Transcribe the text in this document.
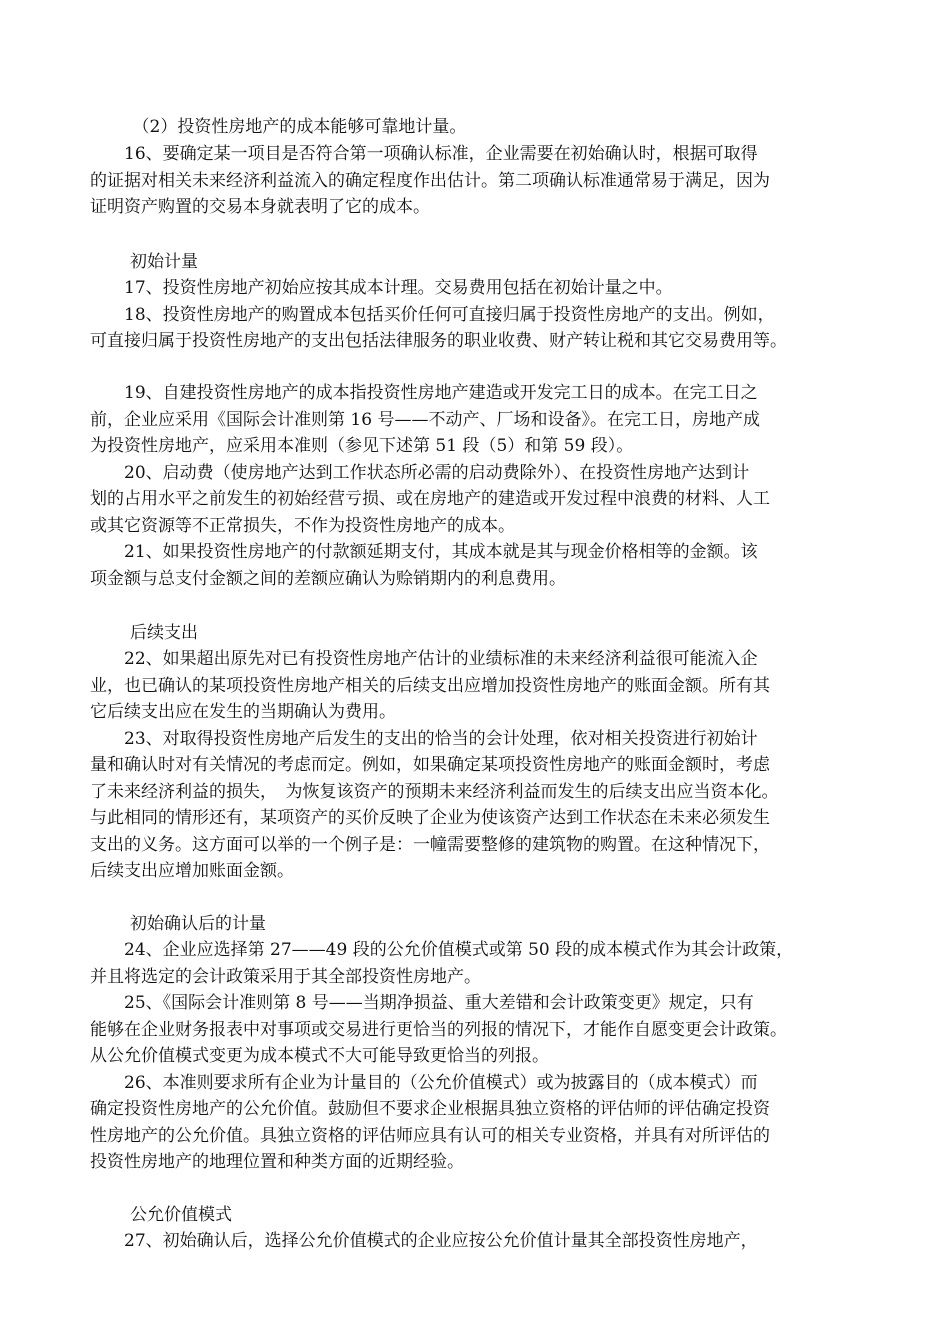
　　　（2）投资性房地产的成本能够可靠地计量。
　　16、要确定某一项目是否符合第一项确认标准，企业需要在初始确认时，根据可取得
的证据对相关未来经济利益流入的确定程度作出估计。第二项确认标准通常易于满足，因为
证明资产购置的交易本身就表明了它的成本。
初始计量
　　17、投资性房地产初始应按其成本计理。交易费用包括在初始计量之中。
　　18、投资性房地产的购置成本包括买价任何可直接归属于投资性房地产的支出。例如，
可直接归属于投资性房地产的支出包括法律服务的职业收费、财产转让税和其它交易费用等。
　　19、自建投资性房地产的成本指投资性房地产建造或开发完工日的成本。在完工日之
前，企业应采用《国际会计准则第 16 号——不动产、厂场和设备》。在完工日，房地产成
为投资性房地产，应采用本准则（参见下述第 51 段（5）和第 59 段）。
　　20、启动费（使房地产达到工作状态所必需的启动费除外）、在投资性房地产达到计
划的占用水平之前发生的初始经营亏损、或在房地产的建造或开发过程中浪费的材料、人工
或其它资源等不正常损失，不作为投资性房地产的成本。
　　21、如果投资性房地产的付款额延期支付，其成本就是其与现金价格相等的金额。该
项金额与总支付金额之间的差额应确认为赊销期内的利息费用。
后续支出
　　22、如果超出原先对已有投资性房地产估计的业绩标准的未来经济利益很可能流入企
业，也已确认的某项投资性房地产相关的后续支出应增加投资性房地产的账面金额。所有其
它后续支出应在发生的当期确认为费用。
　　23、对取得投资性房地产后发生的支出的恰当的会计处理，依对相关投资进行初始计
量和确认时对有关情况的考虑而定。例如，如果确定某项投资性房地产的账面金额时，考虑
了未来经济利益的损失，　为恢复该资产的预期未来经济利益而发生的后续支出应当资本化。
与此相同的情形还有，某项资产的买价反映了企业为使该资产达到工作状态在未来必须发生
支出的义务。这方面可以举的一个例子是：一幢需要整修的建筑物的购置。在这种情况下，
后续支出应增加账面金额。
初始确认后的计量
　　24、企业应选择第 27——49 段的公允价值模式或第 50 段的成本模式作为其会计政策，
并且将选定的会计政策采用于其全部投资性房地产。
　　25、《国际会计准则第 8 号——当期净损益、重大差错和会计政策变更》规定，只有
能够在企业财务报表中对事项或交易进行更恰当的列报的情况下，才能作自愿变更会计政策。
从公允价值模式变更为成本模式不大可能导致更恰当的列报。
　　26、本准则要求所有企业为计量目的（公允价值模式）或为披露目的（成本模式）而
确定投资性房地产的公允价值。鼓励但不要求企业根据具独立资格的评估师的评估确定投资
性房地产的公允价值。具独立资格的评估师应具有认可的相关专业资格，并具有对所评估的
投资性房地产的地理位置和种类方面的近期经验。
公允价值模式
　　27、初始确认后，选择公允价值模式的企业应按公允价值计量其全部投资性房地产，
